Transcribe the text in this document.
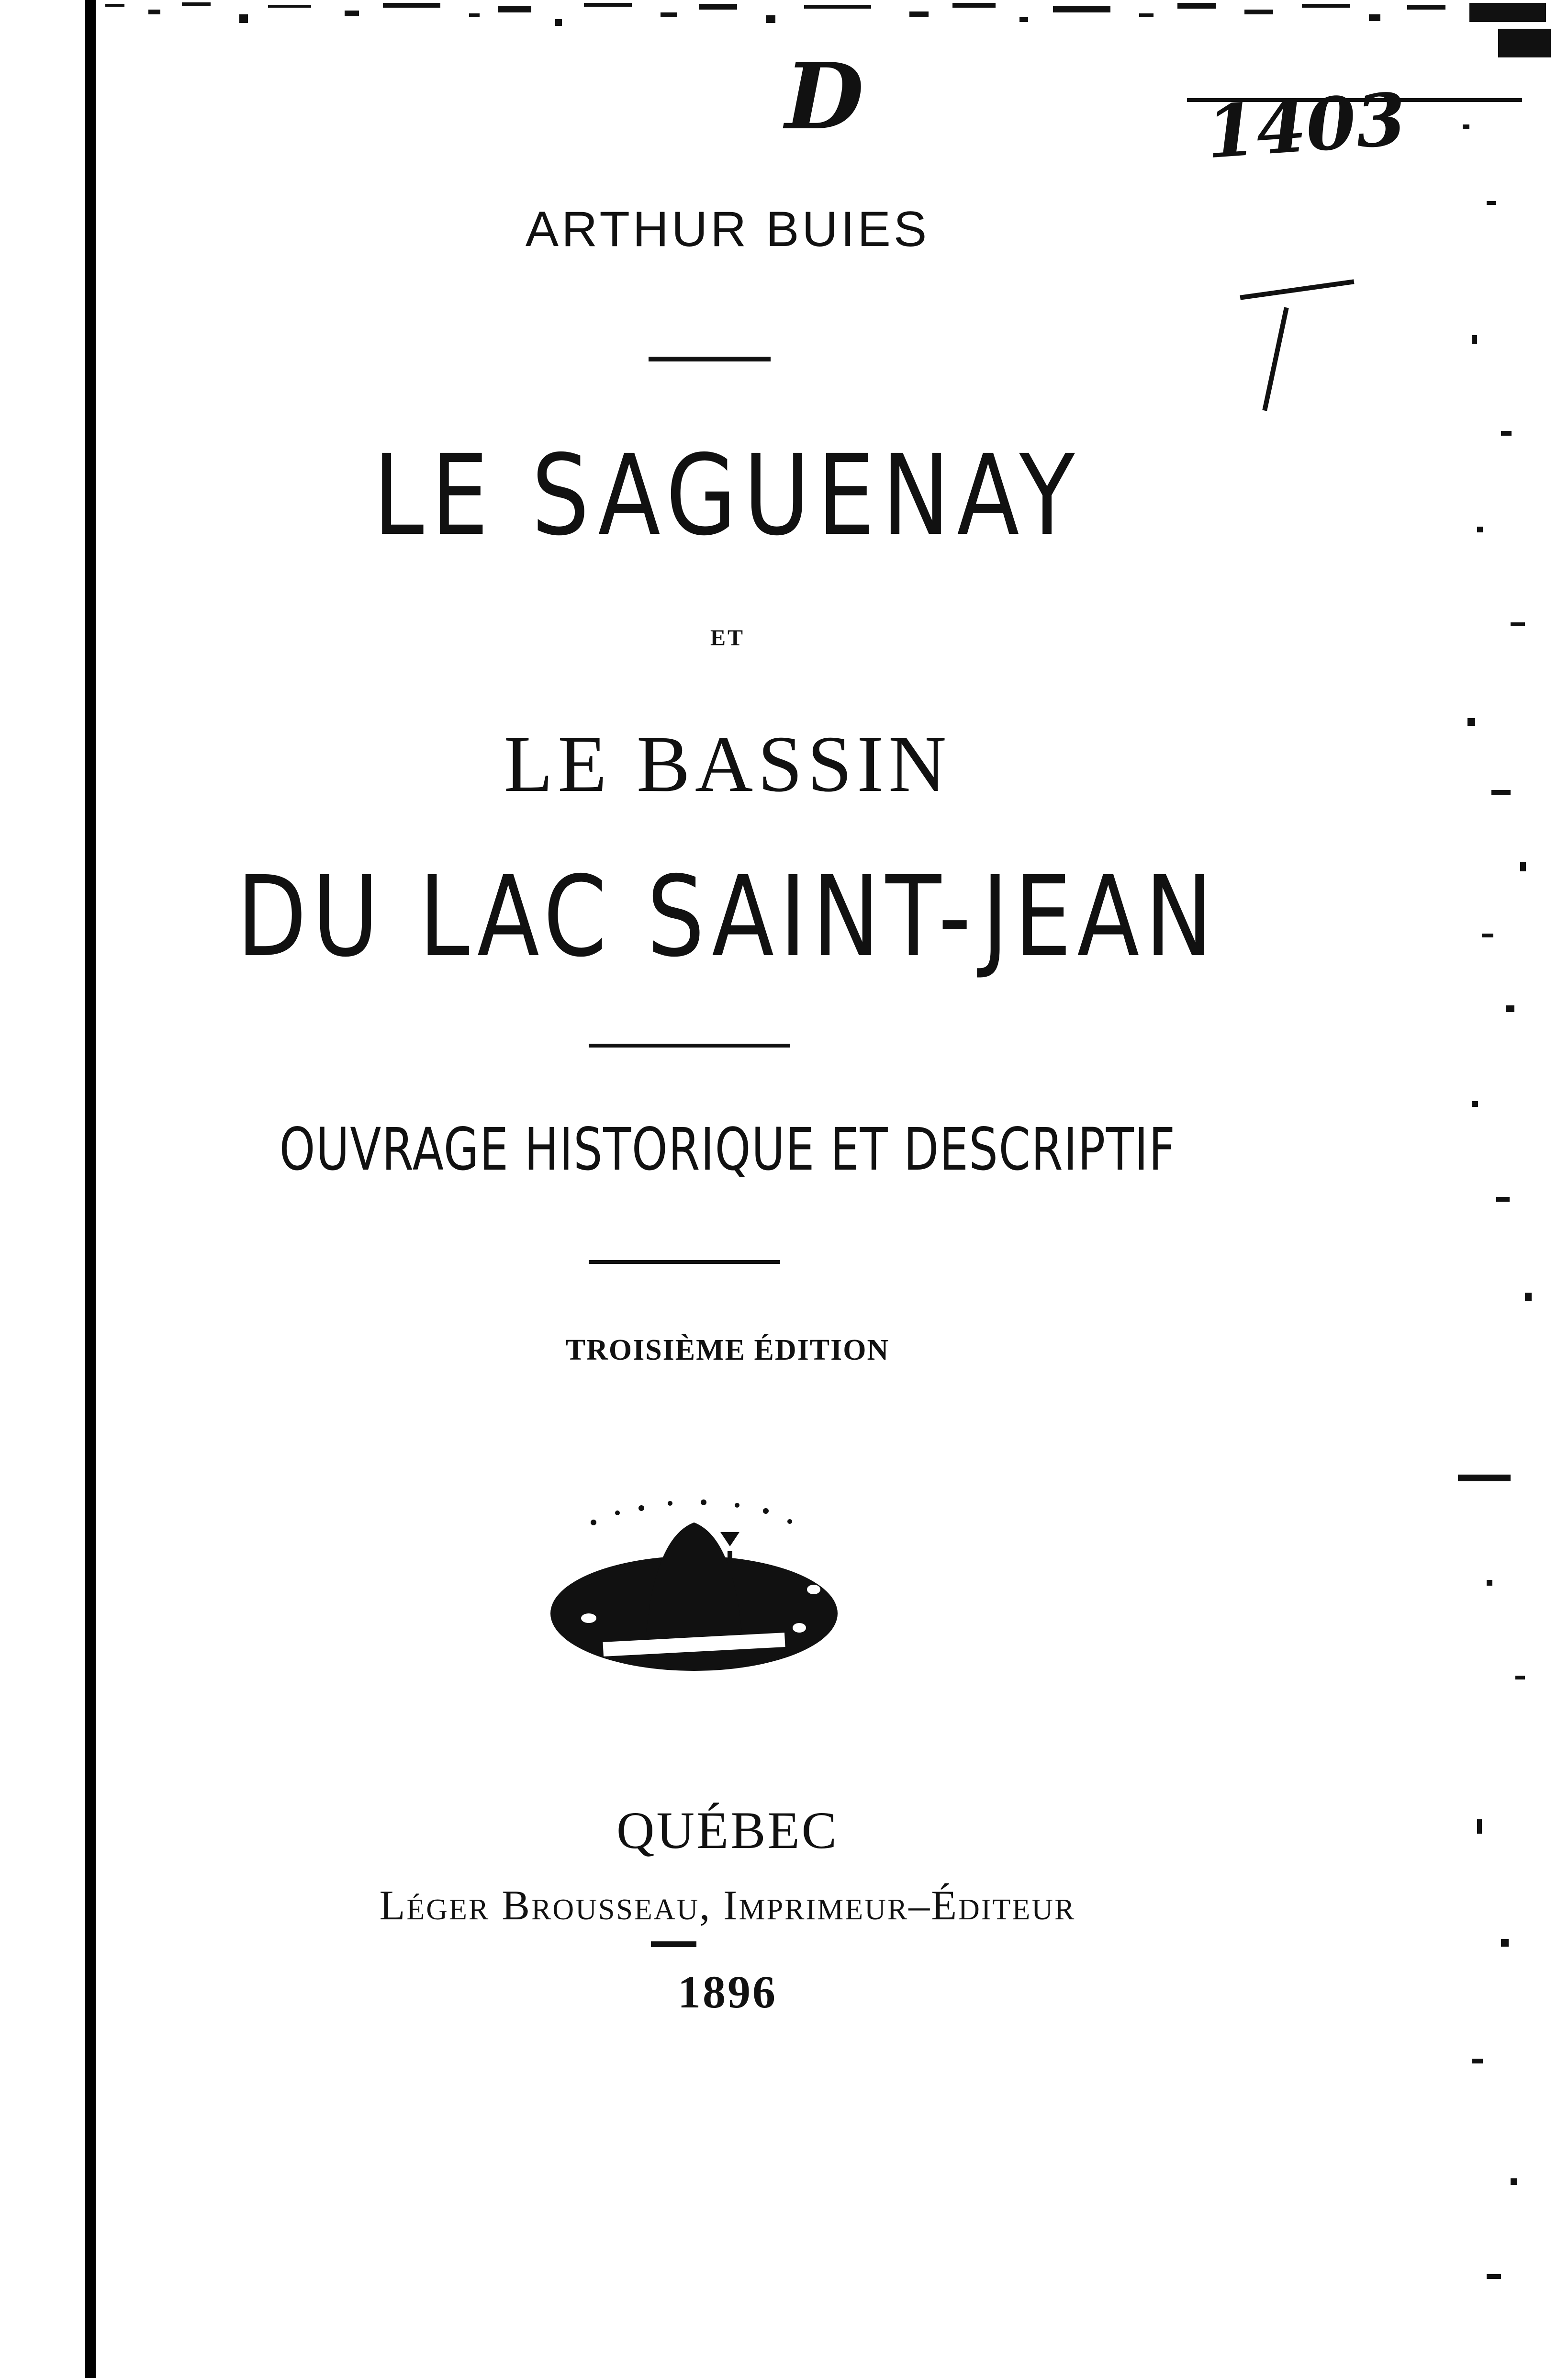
D	1403
ARTHUR BUIES
LE SAGUENAY
ET
LE BASSIN
DU LAC SAINT-JEAN
OUVRAGE HISTORIQUE ET DESCRIPTIF
TROISIÈME ÉDITION
QUÉBEC
Léger Brousseau, Imprimeur–Éditeur
1896
